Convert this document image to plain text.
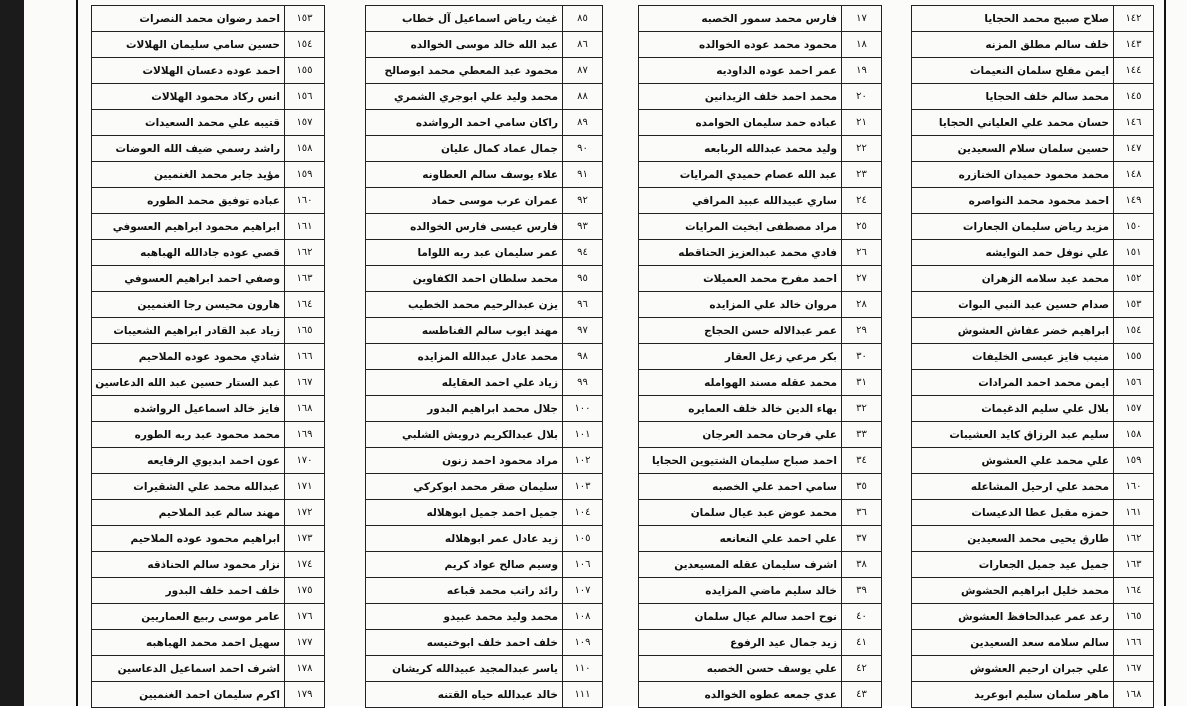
احمد رضوان محمد النصرات	١٥٣
حسين سامي سليمان الهلالات	١٥٤
احمد عوده دعسان الهلالات	١٥٥
انس ركاد محمود الهلالات	١٥٦
قتيبه علي محمد السعيدات	١٥٧
راشد رسمي ضيف الله العوضات	١٥٨
مؤيد جابر محمد الغنميين	١٥٩
عباده توفيق محمد الطوره	١٦٠
ابراهيم محمود ابراهيم العسوفي	١٦١
قصي عوده جادالله الهباهبه	١٦٢
وصفي احمد ابراهيم العسوفي	١٦٣
هارون محيسن رجا الغنميين	١٦٤
زياد عبد القادر ابراهيم الشعيبات	١٦٥
شادي محمود عوده الملاحيم	١٦٦
عبد الستار حسين عبد الله الدعاسين	١٦٧
فايز خالد اسماعيل الرواشده	١٦٨
محمد محمود عبد ربه الطوره	١٦٩
عون احمد ابديوي الرفايعه	١٧٠
عبدالله محمد علي الشقيرات	١٧١
مهند سالم عبد الملاحيم	١٧٢
ابراهيم محمود عوده الملاحيم	١٧٣
نزار محمود سالم الحناذقه	١٧٤
خلف احمد خلف البدور	١٧٥
عامر موسى ربيع العماريين	١٧٦
سهيل احمد محمد الهباهبه	١٧٧
اشرف احمد اسماعيل الدعاسين	١٧٨
اكرم سليمان احمد الغنميين	١٧٩
غيث رياض اسماعيل آل خطاب	٨٥
عبد الله خالد موسى الخوالده	٨٦
محمود عبد المعطي محمد ابوصالح	٨٧
محمد وليد علي ابوجري الشمري	٨٨
راكان سامي احمد الرواشده	٨٩
جمال عماد كمال عليان	٩٠
علاء يوسف سالم العطاونه	٩١
عمران عرب موسى حماد	٩٢
فارس عيسى فارس الخوالده	٩٣
عمر سليمان عبد ربه اللواما	٩٤
محمد سلطان احمد الكفاوين	٩٥
يزن عبدالرحيم محمد الخطيب	٩٦
مهند ايوب سالم الفناطسه	٩٧
محمد عادل عبدالله المزايده	٩٨
زياد علي احمد العقايله	٩٩
جلال محمد ابراهيم البدور	١٠٠
بلال عبدالكريم درويش الشلبي	١٠١
مراد محمود احمد زنون	١٠٢
سليمان صقر محمد ابوكركي	١٠٣
جميل احمد جميل ابوهلاله	١٠٤
زيد عادل عمر ابوهلاله	١٠٥
وسيم صالح عواد كريم	١٠٦
رائد راتب محمد قباعه	١٠٧
محمد وليد محمد عبيدو	١٠٨
خلف احمد خلف ابوخنيسه	١٠٩
ياسر عبدالمجيد عبيدالله كريشان	١١٠
خالد عبدالله حياه القتنه	١١١
فارس محمد سمور الخصبه	١٧
محمود محمد عوده الخوالده	١٨
عمر احمد عوده الداوديه	١٩
محمد احمد خلف الزيدانين	٢٠
عباده حمد سليمان الحوامده	٢١
وليد محمد عبدالله الربابعه	٢٢
عبد الله عصام حميدي المرايات	٢٣
ساري عبيدالله عبيد المرافي	٢٤
مراد مصطفى ابخيت المرايات	٢٥
فادي محمد عبدالعزيز الحناقطه	٢٦
احمد مفرح محمد العميلات	٢٧
مروان خالد علي المزايده	٢٨
عمر عبدالاله حسن الحجاج	٢٩
بكر مرعي زعل العقار	٣٠
محمد عقله مسند الهوامله	٣١
بهاء الدين خالد خلف العمايره	٣٢
علي فرحان محمد العرجان	٣٣
احمد صباح سليمان الشتيوين الحجايا	٣٤
سامي احمد علي الخصبه	٣٥
محمد عوض عبد عيال سلمان	٣٦
علي احمد علي النعانعه	٣٧
اشرف سليمان عقله المسيعدين	٣٨
خالد سليم ماضي المزايده	٣٩
نوح احمد سالم عيال سلمان	٤٠
زيد جمال عيد الرفوع	٤١
علي يوسف حسن الخصبه	٤٢
عدي جمعه عطوه الخوالده	٤٣
صلاح صبيح محمد الحجايا	١٤٢
خلف سالم مطلق المزنه	١٤٣
ايمن مفلح سلمان النعيمات	١٤٤
محمد سالم خلف الحجايا	١٤٥
حسان محمد علي العلياني الحجايا	١٤٦
حسين سلمان سلام السعيدين	١٤٧
محمد محمود حميدان الخنازره	١٤٨
احمد محمود محمد النواصره	١٤٩
مزيد رياض سليمان الجعارات	١٥٠
علي نوفل حمد النوايشه	١٥١
محمد عيد سلامه الزهران	١٥٢
صدام حسين عبد النبي البوات	١٥٣
ابراهيم خضر عفاش العشوش	١٥٤
منيب فايز عيسى الخليفات	١٥٥
ايمن محمد احمد المرادات	١٥٦
بلال علي سليم الدغيمات	١٥٧
سليم عبد الرزاق كايد العشيبات	١٥٨
علي محمد علي العشوش	١٥٩
محمد علي ارحيل المشاعله	١٦٠
حمزه مقبل عطا الدعيسات	١٦١
طارق يحيى محمد السعيدين	١٦٢
جميل عيد جميل الجعارات	١٦٣
محمد خليل ابراهيم الحشوش	١٦٤
رعد عمر عبدالحافظ العشوش	١٦٥
سالم سلامه سعد السعيدين	١٦٦
علي جبران ارحيم العشوش	١٦٧
ماهر سلمان سليم ابوعريد	١٦٨
